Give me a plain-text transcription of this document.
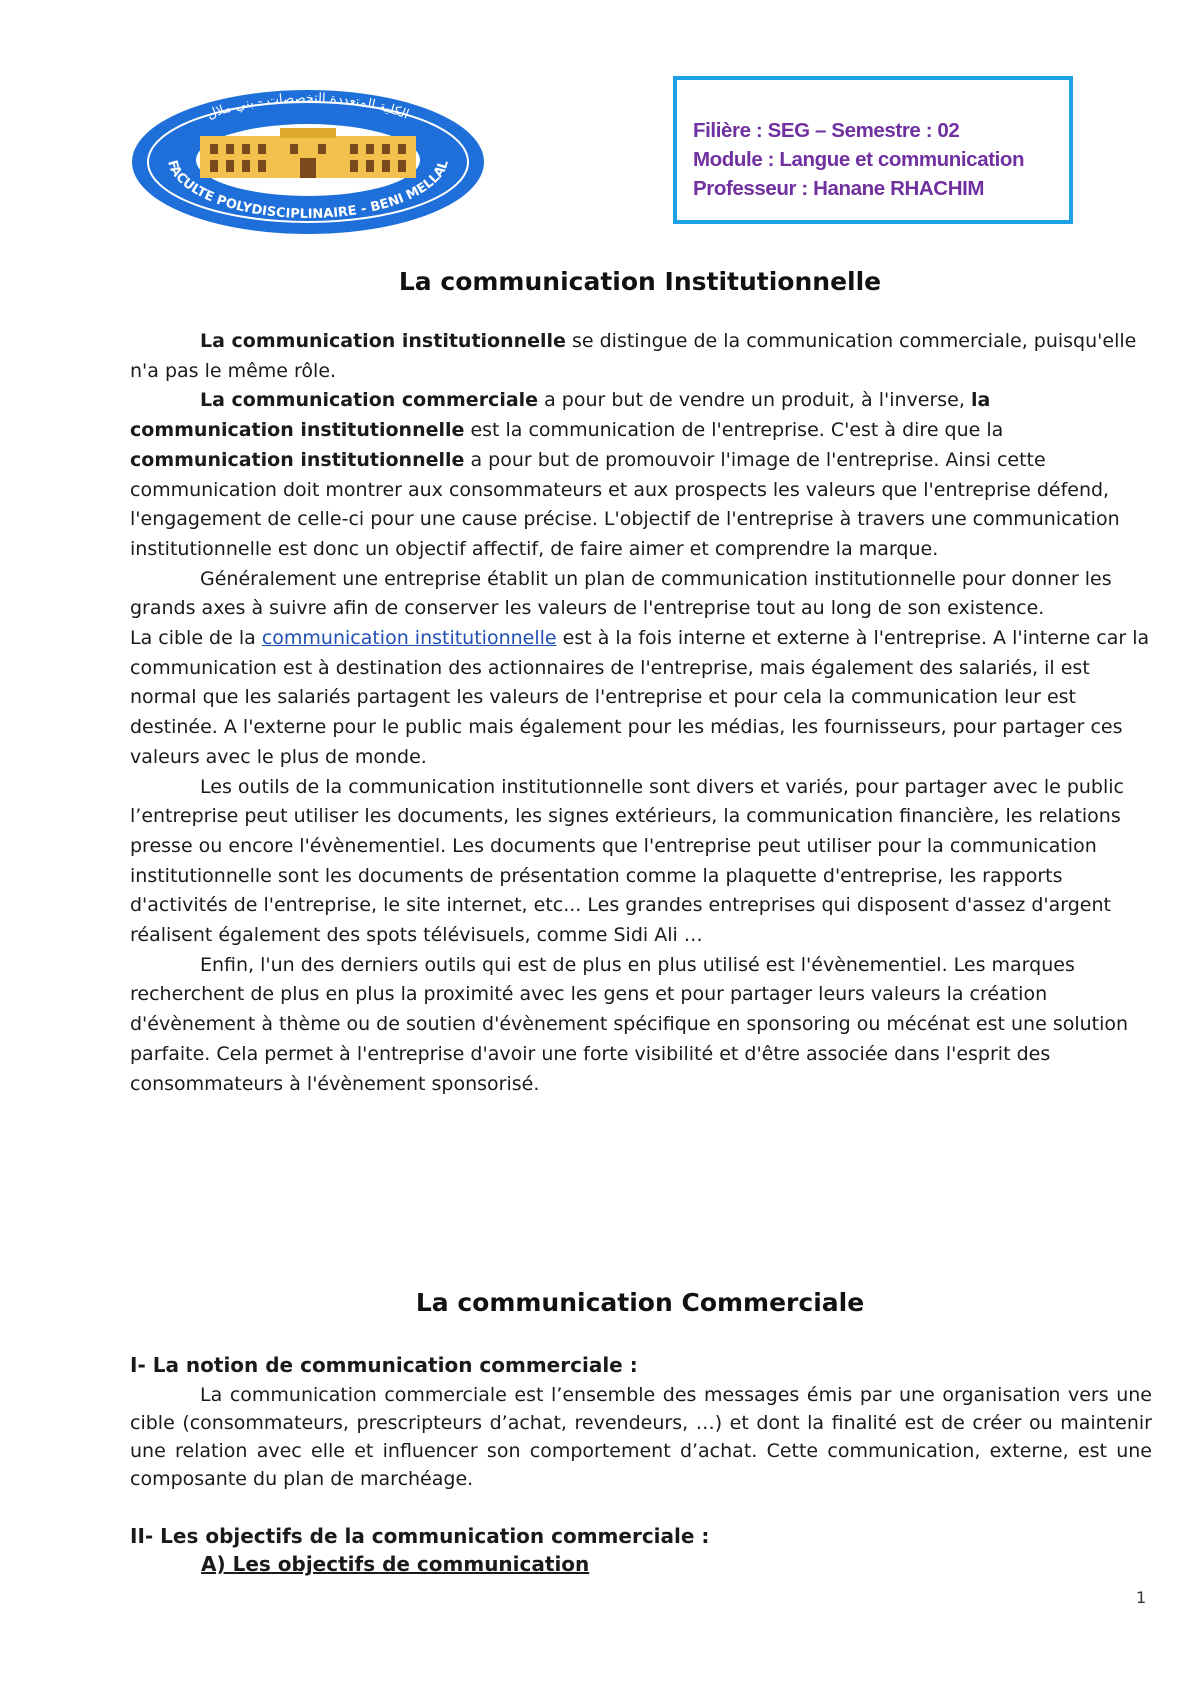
FACULTE POLYDISCIPLINAIRE - BENI MELLAL
الكلية المتعددة التخصصات - بني ملال
Filière : SEG – Semestre : 02
Module : Langue et communication
Professeur : Hanane RHACHIM
La communication Institutionnelle
La communication institutionnelle se distingue de la communication commerciale, puisqu'elle n'a pas le même rôle.
La communication commerciale a pour but de vendre un produit, à l'inverse, la communication institutionnelle est la communication de l'entreprise. C'est à dire que la communication institutionnelle a pour but de promouvoir l'image de l'entreprise. Ainsi cette communication doit montrer aux consommateurs et aux prospects les valeurs que l'entreprise défend, l'engagement de celle-ci pour une cause précise. L'objectif de l'entreprise à travers une communication institutionnelle est donc un objectif affectif, de faire aimer et comprendre la marque.
Généralement une entreprise établit un plan de communication institutionnelle pour donner les grands axes à suivre afin de conserver les valeurs de l'entreprise tout au long de son existence.
La cible de la communication institutionnelle est à la fois interne et externe à l'entreprise. A l'interne car la communication est à destination des actionnaires de l'entreprise, mais également des salariés, il est normal que les salariés partagent les valeurs de l'entreprise et pour cela la communication leur est destinée. A l'externe pour le public mais également pour les médias, les fournisseurs, pour partager ces valeurs avec le plus de monde.
Les outils de la communication institutionnelle sont divers et variés, pour partager avec le public l’entreprise peut utiliser les documents, les signes extérieurs, la communication financière, les relations presse ou encore l'évènementiel. Les documents que l'entreprise peut utiliser pour la communication institutionnelle sont les documents de présentation comme la plaquette d'entreprise, les rapports d'activités de l'entreprise, le site internet, etc... Les grandes entreprises qui disposent d'assez d'argent réalisent également des spots télévisuels, comme Sidi Ali …
Enfin, l'un des derniers outils qui est de plus en plus utilisé est l'évènementiel. Les marques recherchent de plus en plus la proximité avec les gens et pour partager leurs valeurs la création d'évènement à thème ou de soutien d'évènement spécifique en sponsoring ou mécénat est une solution parfaite. Cela permet à l'entreprise d'avoir une forte visibilité et d'être associée dans l'esprit des consommateurs à l'évènement sponsorisé.
La communication Commerciale
I- La notion de communication commerciale :
La communication commerciale est l’ensemble des messages émis par une organisation vers une cible (consommateurs, prescripteurs d’achat, revendeurs, …) et dont la finalité est de créer ou maintenir une relation avec elle et influencer son comportement d’achat. Cette communication, externe, est une composante du plan de marchéage.
II- Les objectifs de la communication commerciale :
A) Les objectifs de communication
1
